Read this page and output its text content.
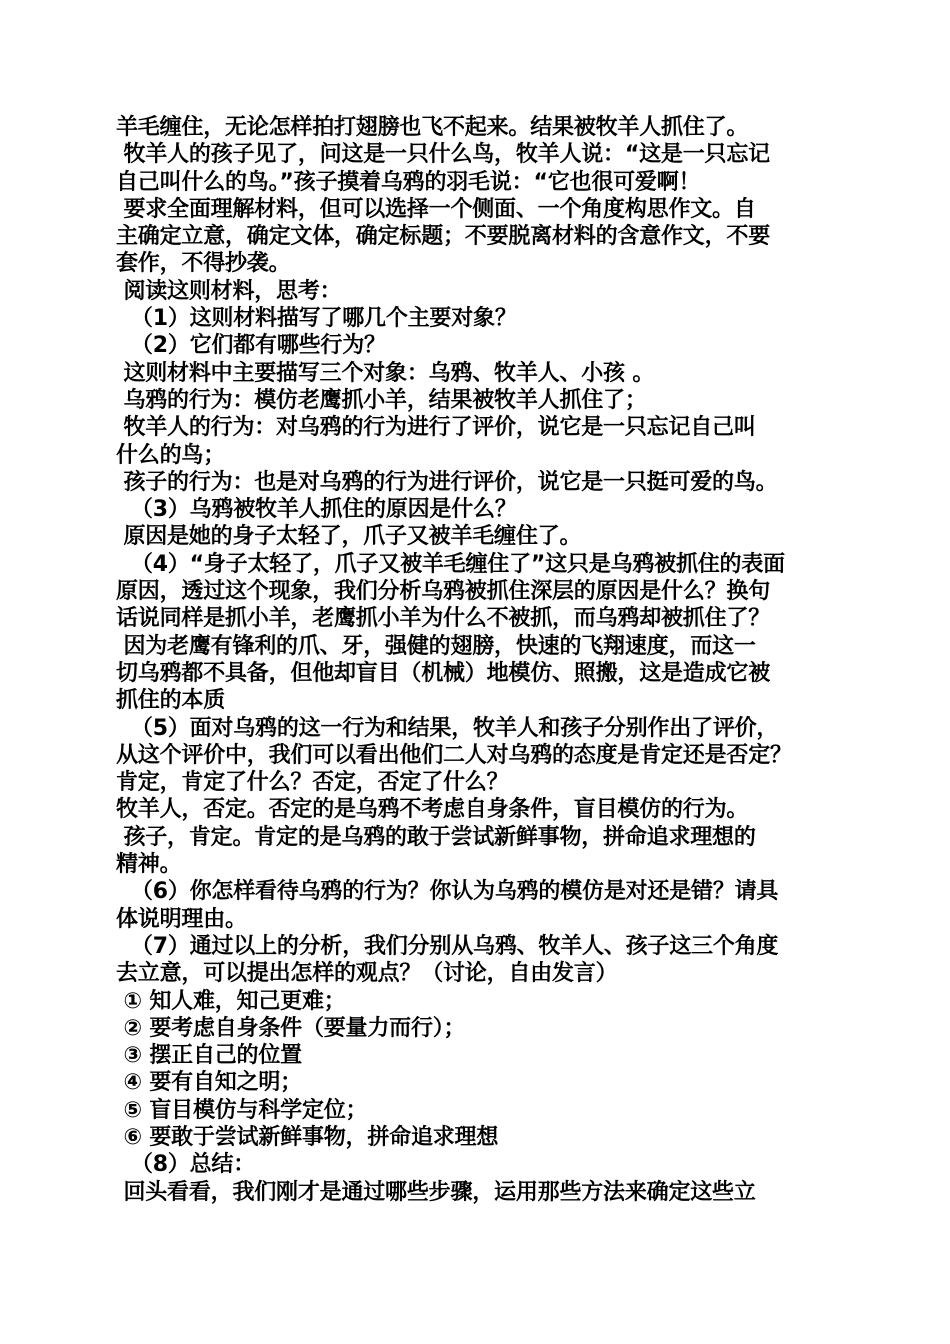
羊毛缠住，无论怎样拍打翅膀也飞不起来。结果被牧羊人抓住了。
牧羊人的孩子见了，问这是一只什么鸟，牧羊人说：“这是一只忘记
自己叫什么的鸟。”孩子摸着乌鸦的羽毛说：“它也很可爱啊！
要求全面理解材料，但可以选择一个侧面、一个角度构思作文。自
主确定立意，确定文体，确定标题；不要脱离材料的含意作文，不要
套作，不得抄袭。
阅读这则材料，思考：
（1）这则材料描写了哪几个主要对象？
（2）它们都有哪些行为？
这则材料中主要描写三个对象：乌鸦、牧羊人、小孩 。
乌鸦的行为：模仿老鹰抓小羊，结果被牧羊人抓住了；
牧羊人的行为：对乌鸦的行为进行了评价，说它是一只忘记自己叫
什么的鸟；
孩子的行为：也是对乌鸦的行为进行评价，说它是一只挺可爱的鸟。
（3）乌鸦被牧羊人抓住的原因是什么？
原因是她的身子太轻了，爪子又被羊毛缠住了。
（4）“身子太轻了，爪子又被羊毛缠住了”这只是乌鸦被抓住的表面
原因，透过这个现象，我们分析乌鸦被抓住深层的原因是什么？换句
话说同样是抓小羊，老鹰抓小羊为什么不被抓，而乌鸦却被抓住了？
因为老鹰有锋利的爪、牙，强健的翅膀，快速的飞翔速度，而这一
切乌鸦都不具备，但他却盲目（机械）地模仿、照搬，这是造成它被
抓住的本质
（5）面对乌鸦的这一行为和结果，牧羊人和孩子分别作出了评价，
从这个评价中，我们可以看出他们二人对乌鸦的态度是肯定还是否定？
肯定，肯定了什么？否定，否定了什么？
牧羊人，否定。否定的是乌鸦不考虑自身条件，盲目模仿的行为。
孩子，肯定。肯定的是乌鸦的敢于尝试新鲜事物，拼命追求理想的
精神。
（6）你怎样看待乌鸦的行为？你认为乌鸦的模仿是对还是错？请具
体说明理由。
（7）通过以上的分析，我们分别从乌鸦、牧羊人、孩子这三个角度
去立意，可以提出怎样的观点？（讨论，自由发言）
① 知人难，知己更难；
② 要考虑自身条件（要量力而行）；
③ 摆正自己的位置
④ 要有自知之明；
⑤ 盲目模仿与科学定位；
⑥ 要敢于尝试新鲜事物，拼命追求理想
（8）总结：
回头看看，我们刚才是通过哪些步骤，运用那些方法来确定这些立
